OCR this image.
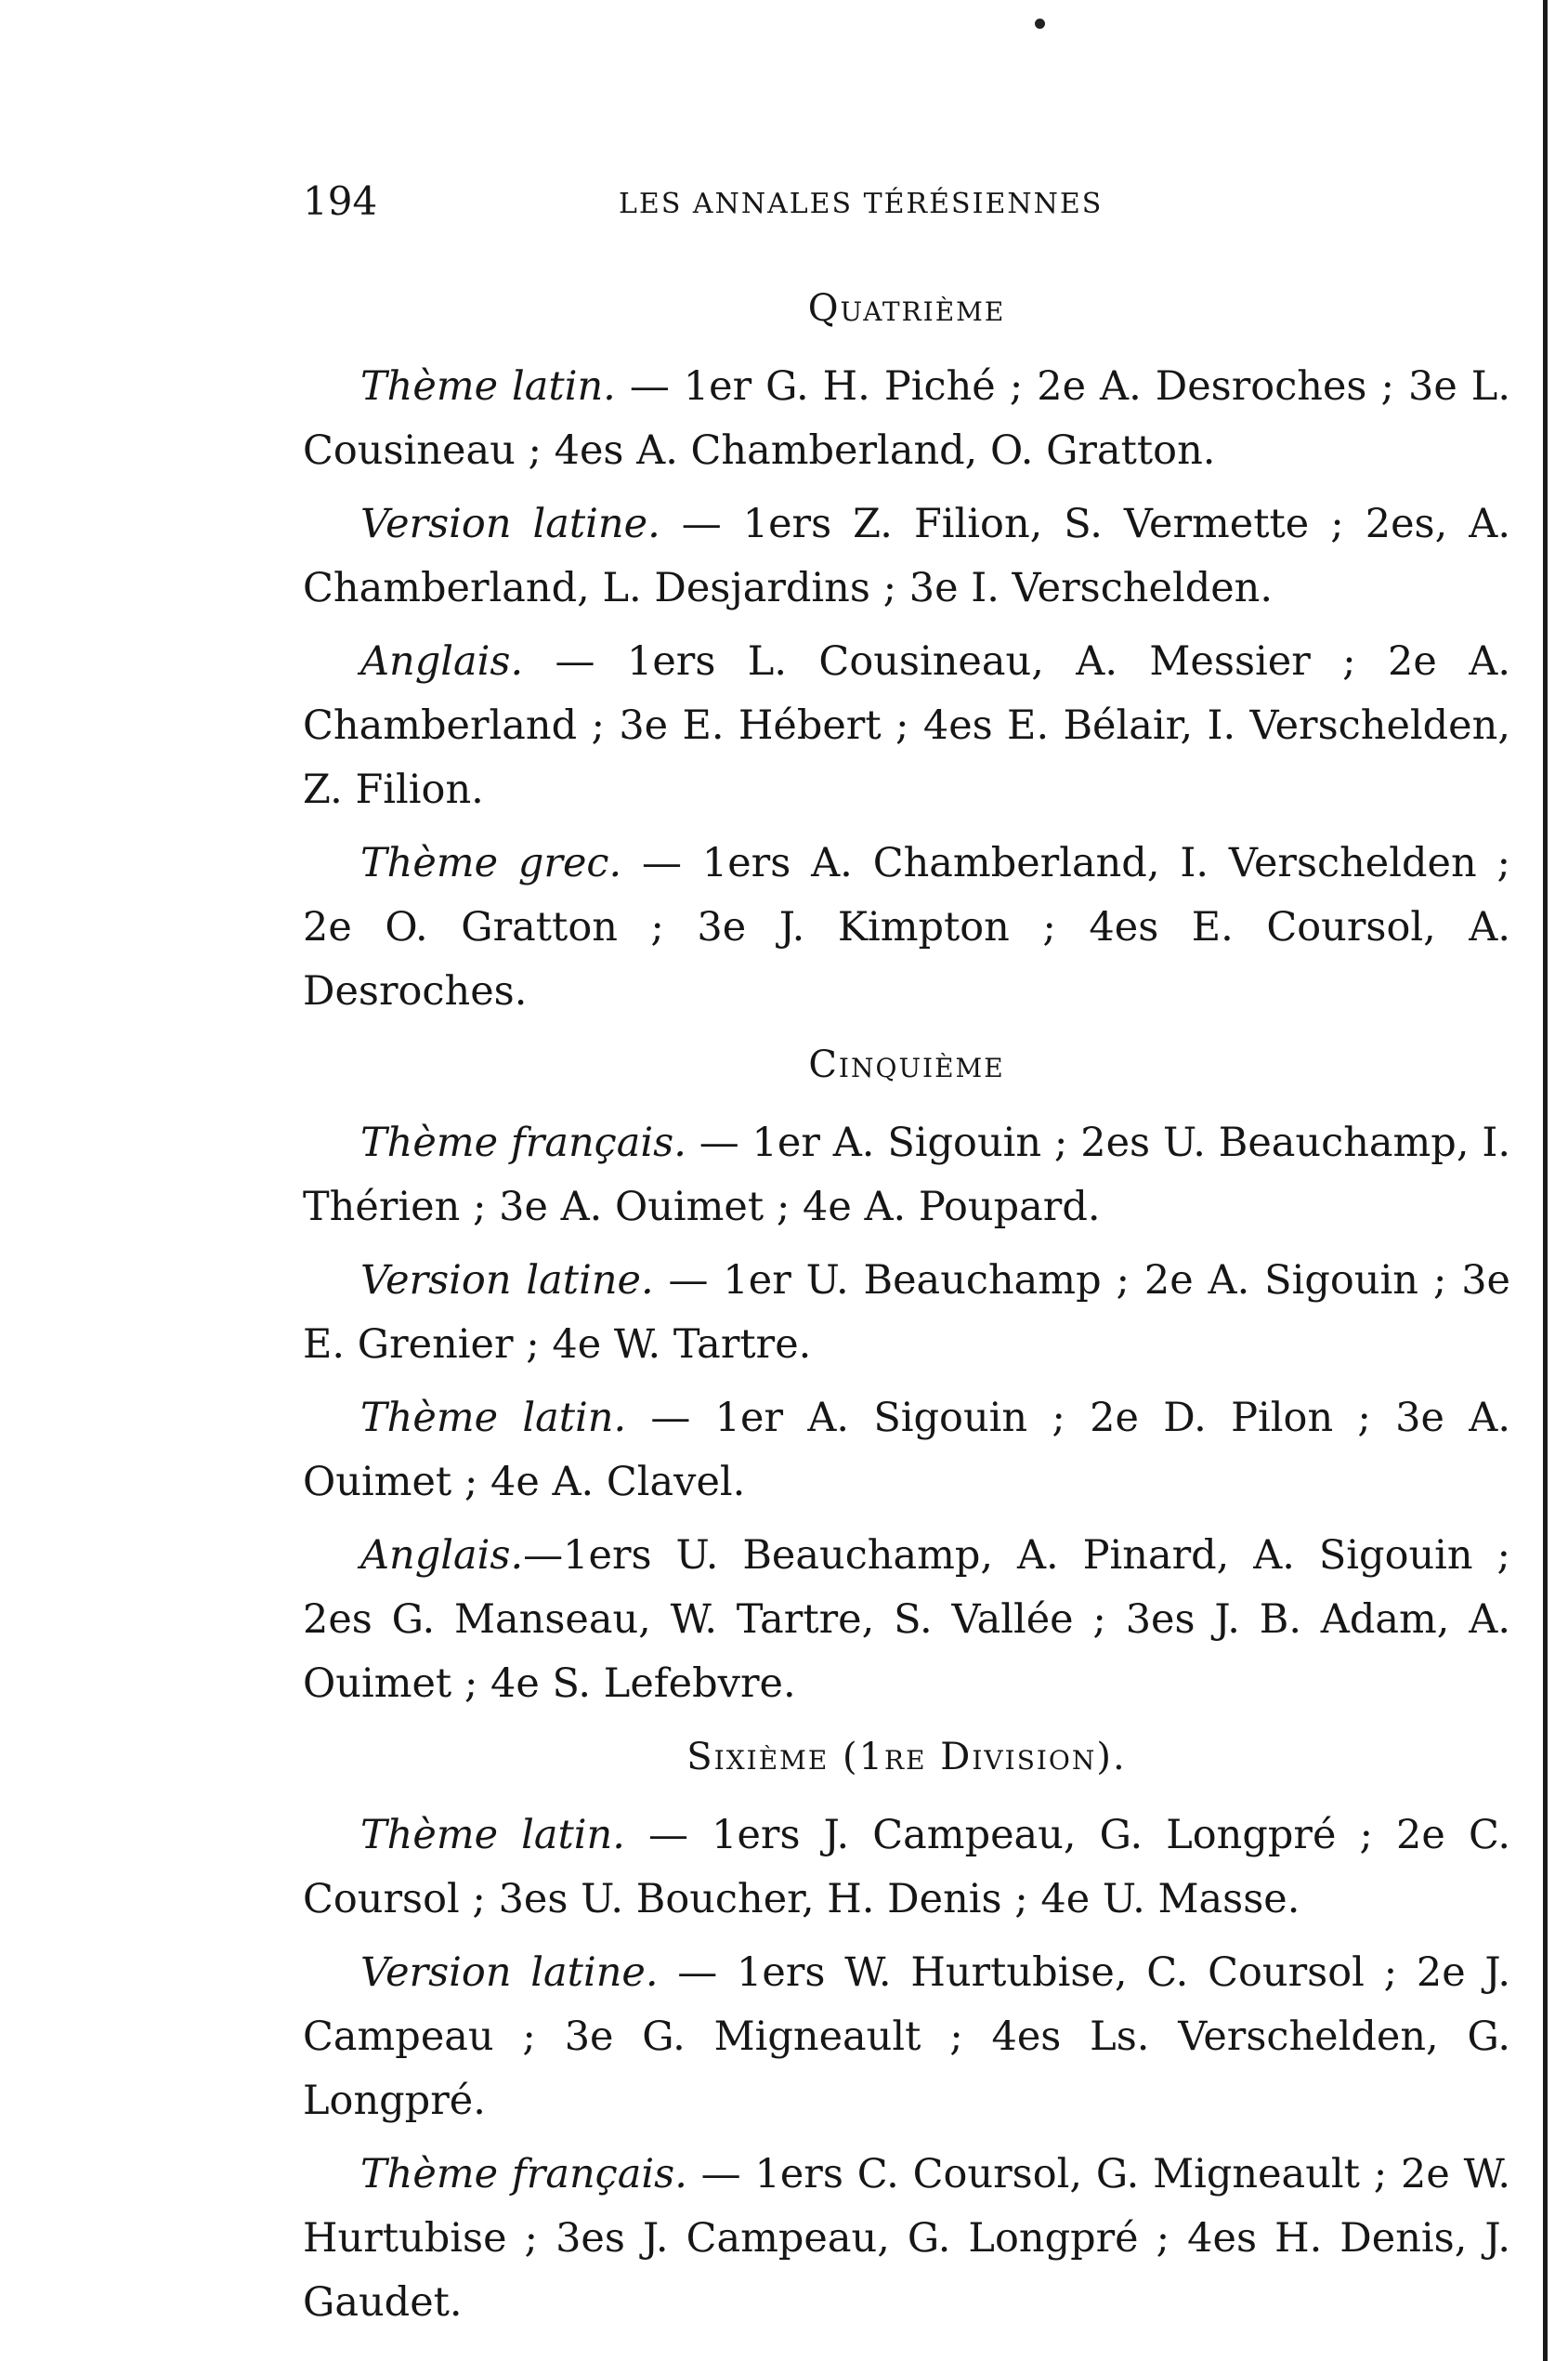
194	LES ANNALES TÉRÉSIENNES
Quatrième

Thème latin. — 1er G. H. Piché ; 2e A. Desroches ; 3e L. Cousineau ; 4es A. Chamberland, O. Gratton.

Version latine. — 1ers Z. Filion, S. Vermette ; 2es, A. Chamberland, L. Desjardins ; 3e I. Verschelden.

Anglais. — 1ers L. Cousineau, A. Messier ; 2e A. Chamberland ; 3e E. Hébert ; 4es E. Bélair, I. Verschelden, Z. Filion.

Thème grec. — 1ers A. Chamberland, I. Verschelden ; 2e O. Gratton ; 3e J. Kimpton ; 4es E. Coursol, A. Desroches.

Cinquième

Thème français. — 1er A. Sigouin ; 2es U. Beauchamp, I. Thérien ; 3e A. Ouimet ; 4e A. Poupard.

Version latine. — 1er U. Beauchamp ; 2e A. Sigouin ; 3e E. Grenier ; 4e W. Tartre.

Thème latin. — 1er A. Sigouin ; 2e D. Pilon ; 3e A. Ouimet ; 4e A. Clavel.

Anglais.—1ers U. Beauchamp, A. Pinard, A. Sigouin ; 2es G. Manseau, W. Tartre, S. Vallée ; 3es J. B. Adam, A. Ouimet ; 4e S. Lefebvre.

Sixième (1re Division).

Thème latin. — 1ers J. Campeau, G. Longpré ; 2e C. Coursol ; 3es U. Boucher, H. Denis ; 4e U. Masse.

Version latine. — 1ers W. Hurtubise, C. Coursol ; 2e J. Campeau ; 3e G. Migneault ; 4es Ls. Verschelden, G. Longpré.

Thème français. — 1ers C. Coursol, G. Migneault ; 2e W. Hurtubise ; 3es J. Campeau, G. Longpré ; 4es H. Denis, J. Gaudet.
